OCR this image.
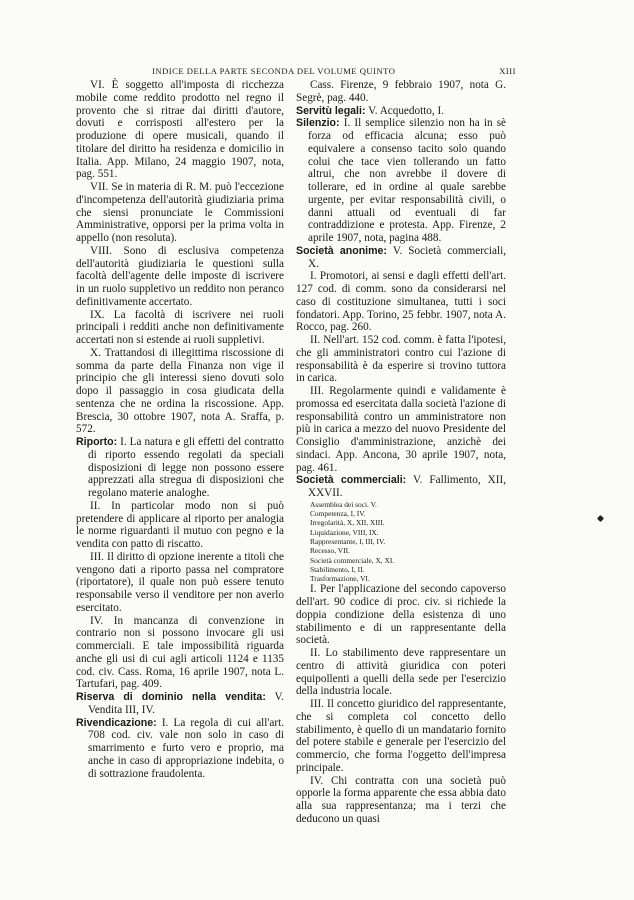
INDICE DELLA PARTE SECONDA DEL VOLUME QUINTO	XIII

VI. È soggetto all'imposta di ricchezza mobile come reddito prodotto nel regno il provento che si ritrae dai diritti d'autore, dovuti e corrisposti all'estero per la produzione di opere musicali, quando il titolare del diritto ha residenza e domicilio in Italia. App. Milano, 24 maggio 1907, nota, pag. 551.

VII. Se in materia di R. M. può l'eccezione d'incompetenza dell'autorità giudiziaria prima che siensi pronunciate le Commissioni Amministrative, opporsi per la prima volta in appello (non resoluta).

VIII. Sono di esclusiva competenza dell'autorità giudiziaria le questioni sulla facoltà dell'agente delle imposte di iscrivere in un ruolo suppletivo un reddito non peranco definitivamente accertato.

IX. La facoltà di iscrivere nei ruoli principali i redditi anche non definitivamente accertati non si estende ai ruoli suppletivi.

X. Trattandosi di illegittima riscossione di somma da parte della Finanza non vige il principio che gli interessi sieno dovuti solo dopo il passaggio in cosa giudicata della sentenza che ne ordina la riscossione. App. Brescia, 30 ottobre 1907, nota A. Sraffa, p. 572.

Riporto: I. La natura e gli effetti del contratto di riporto essendo regolati da speciali disposizioni di legge non possono essere apprezzati alla stregua di disposizioni che regolano materie analoghe.

II. In particolar modo non si può pretendere di applicare al riporto per analogia le norme riguardanti il mutuo con pegno e la vendita con patto di riscatto.

III. Il diritto di opzione inerente a titoli che vengono dati a riporto passa nel compratore (riportatore), il quale non può essere tenuto responsabile verso il venditore per non averlo esercitato.

IV. In mancanza di convenzione in contrario non si possono invocare gli usi commerciali. E tale impossibilità riguarda anche gli usi di cui agli articoli 1124 e 1135 cod. civ. Cass. Roma, 16 aprile 1907, nota L. Tartufari, pag. 409.

Riserva di dominio nella vendita: V. Vendita III, IV.

Rivendicazione: I. La regola di cui all'art. 708 cod. civ. vale non solo in caso di smarrimento e furto vero e proprio, ma anche in caso di appropriazione indebita, o di sottrazione fraudolenta.

Cass. Firenze, 9 febbraio 1907, nota G. Segrè, pag. 440.

Servitù legali: V. Acquedotto, I.

Silenzio: I. Il semplice silenzio non ha in sè forza od efficacia alcuna; esso può equivalere a consenso tacito solo quando colui che tace vien tollerando un fatto altrui, che non avrebbe il dovere di tollerare, ed in ordine al quale sarebbe urgente, per evitar responsabilità civili, o danni attuali od eventuali di far contraddizione e protesta. App. Firenze, 2 aprile 1907, nota, pagina 488.

Società anonime: V. Società commerciali, X.

I. Promotori, ai sensi e dagli effetti dell'art. 127 cod. di comm. sono da considerarsi nel caso di costituzione simultanea, tutti i soci fondatori. App. Torino, 25 febbr. 1907, nota A. Rocco, pag. 260.

II. Nell'art. 152 cod. comm. è fatta l'ipotesi, che gli amministratori contro cui l'azione di responsabilità è da esperire si trovino tuttora in carica.

III. Regolarmente quindi e validamente è promossa ed esercitata dalla società l'azione di responsabilità contro un amministratore non più in carica a mezzo del nuovo Presidente del Consiglio d'amministrazione, anzichè dei sindaci. App. Ancona, 30 aprile 1907, nota, pag. 461.

Società commerciali: V. Fallimento, XII, XXVII.

Assemblea dei soci. V.

Competenza, I, IV.

Irregolarità, X, XII, XIII.

Liquidazione, VIII, IX.

Rappresentante, I, III, IV.

Recesso, VII.

Società commerciale, X, XI.

Stabilimento, I, II.

Trasformazione, VI.

I. Per l'applicazione del secondo capoverso dell'art. 90 codice di proc. civ. si richiede la doppia condizione della esistenza di uno stabilimento e di un rappresentante della società.

II. Lo stabilimento deve rappresentare un centro di attività giuridica con poteri equipollenti a quelli della sede per l'esercizio della industria locale.

III. Il concetto giuridico del rappresentante, che si completa col concetto dello stabilimento, è quello di un mandatario fornito del potere stabile e generale per l'esercizio del commercio, che forma l'oggetto dell'impresa principale.

IV. Chi contratta con una società può opporle la forma apparente che essa abbia dato alla sua rappresentanza; ma i terzi che deducono un quasi
